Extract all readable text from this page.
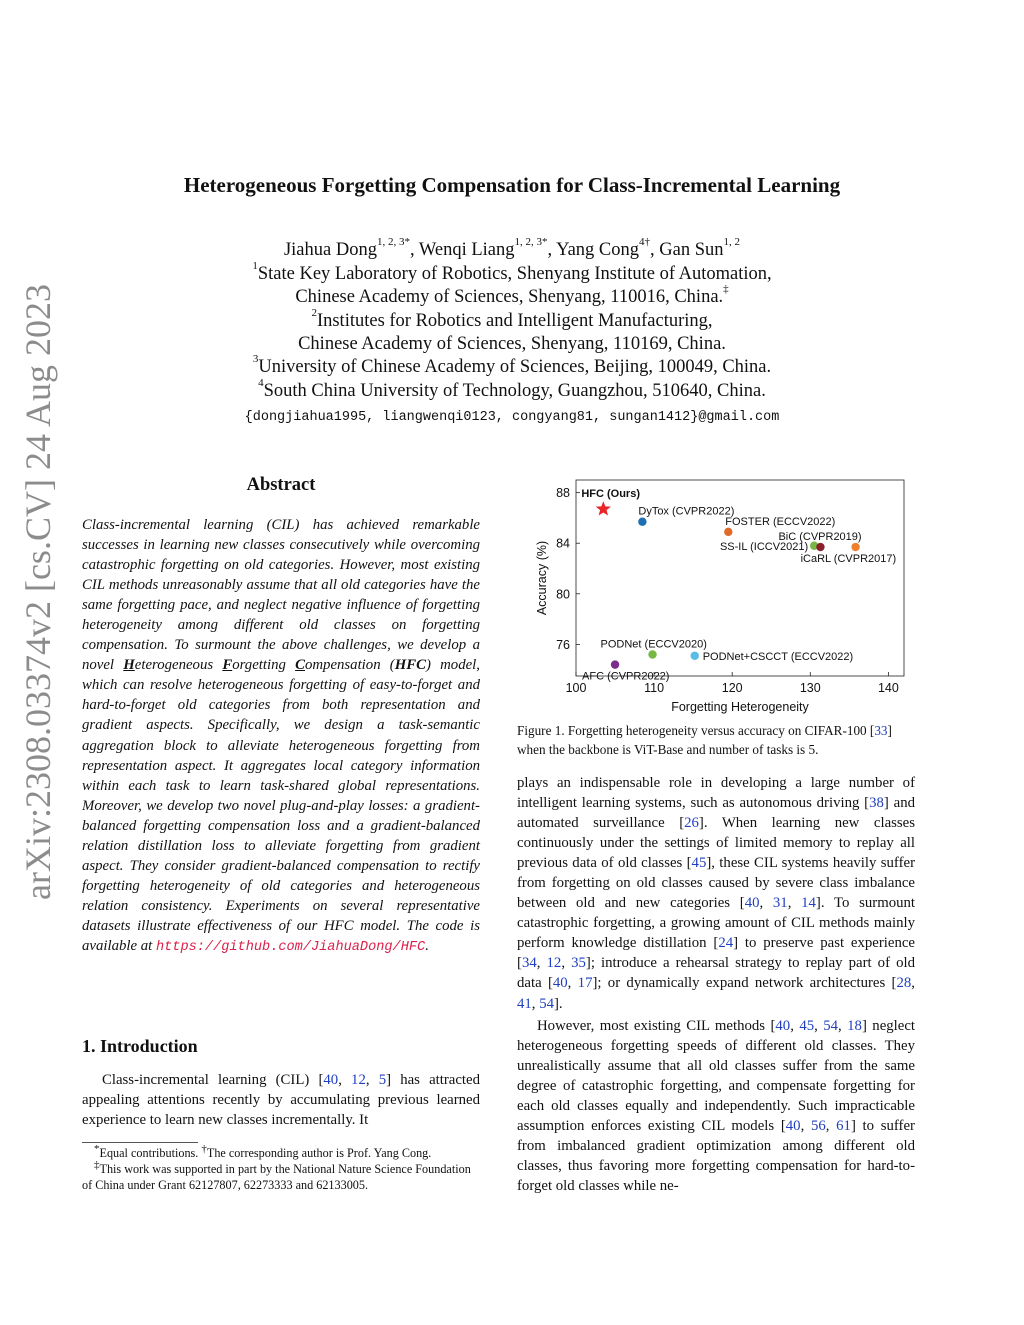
arXiv:2308.03374v2 [cs.CV] 24 Aug 2023
Heterogeneous Forgetting Compensation for Class-Incremental Learning
Jiahua Dong$^{1, 2, 3*}$, Wenqi Liang$^{1, 2, 3*}$, Yang Cong$^{4\dagger}$, Gan Sun$^{1, 2}$
$^1$State Key Laboratory of Robotics, Shenyang Institute of Automation,
Chinese Academy of Sciences, Shenyang, 110016, China.‡
$^2$Institutes for Robotics and Intelligent Manufacturing,
Chinese Academy of Sciences, Shenyang, 110169, China.
$^3$University of Chinese Academy of Sciences, Beijing, 100049, China.
$^4$South China University of Technology, Guangzhou, 510640, China.
{dongjiahua1995, liangwenqi0123, congyang81, sungan1412}@gmail.com
Abstract

Class-incremental learning (CIL) has achieved remarkable successes in learning new classes consecutively while overcoming catastrophic forgetting on old categories. However, most existing CIL methods unreasonably assume that all old categories have the same forgetting pace, and neglect negative influence of forgetting heterogeneity among different old classes on forgetting compensation. To surmount the above challenges, we develop a novel Heterogeneous Forgetting Compensation (HFC) model, which can resolve heterogeneous forgetting of easy-to-forget and hard-to-forget old categories from both representation and gradient aspects. Specifically, we design a task-semantic aggregation block to alleviate heterogeneous forgetting from representation aspect. It aggregates local category information within each task to learn task-shared global representations. Moreover, we develop two novel plug-and-play losses: a gradient-balanced forgetting compensation loss and a gradient-balanced relation distillation loss to alleviate forgetting from gradient aspect. They consider gradient-balanced compensation to rectify forgetting heterogeneity of old categories and heterogeneous relation consistency. Experiments on several representative datasets illustrate effectiveness of our HFC model. The code is available at https://github.com/JiahuaDong/HFC.

1. Introduction

Class-incremental learning (CIL) [40, 12, 5] has attracted appealing attentions recently by accumulating previous learned experience to learn new classes incrementally. It

*Equal contributions. †The corresponding author is Prof. Yang Cong.

‡This work was supported in part by the National Nature Science Foundation of China under Grant 62127807, 62273333 and 62133005.

100	110	120	130	140
76
80
84
88 HFC (Ours)
DyTox (CVPR2022)
FOSTER (ECCV2022)
SS-IL (ICCV2021)
BiC (CVPR2019)
iCaRL (CVPR2017)
PODNet (ECCV2020)
PODNet+CSCCT (ECCV2022)
AFC (CVPR2022)
Forgetting Heterogeneity
Accuracy (%)

Figure 1. Forgetting heterogeneity versus accuracy on CIFAR-100 [33] when the backbone is ViT-Base and number of tasks is 5.

plays an indispensable role in developing a large number of intelligent learning systems, such as autonomous driving [38] and automated surveillance [26]. When learning new classes continuously under the settings of limited memory to replay all previous data of old classes [45], these CIL systems heavily suffer from forgetting on old classes caused by severe class imbalance between old and new categories [40, 31, 14]. To surmount catastrophic forgetting, a growing amount of CIL methods mainly perform knowledge distillation [24] to preserve past experience [34, 12, 35]; introduce a rehearsal strategy to replay part of old data [40, 17]; or dynamically expand network architectures [28, 41, 54].

However, most existing CIL methods [40, 45, 54, 18] neglect heterogeneous forgetting speeds of different old classes. They unrealistically assume that all old classes suffer from the same degree of catastrophic forgetting, and compensate forgetting for each old classes equally and independently. Such impracticable assumption enforces existing CIL models [40, 56, 61] to suffer from imbalanced gradient optimization among different old classes, thus favoring more forgetting compensation for hard-to-forget old classes while ne-
